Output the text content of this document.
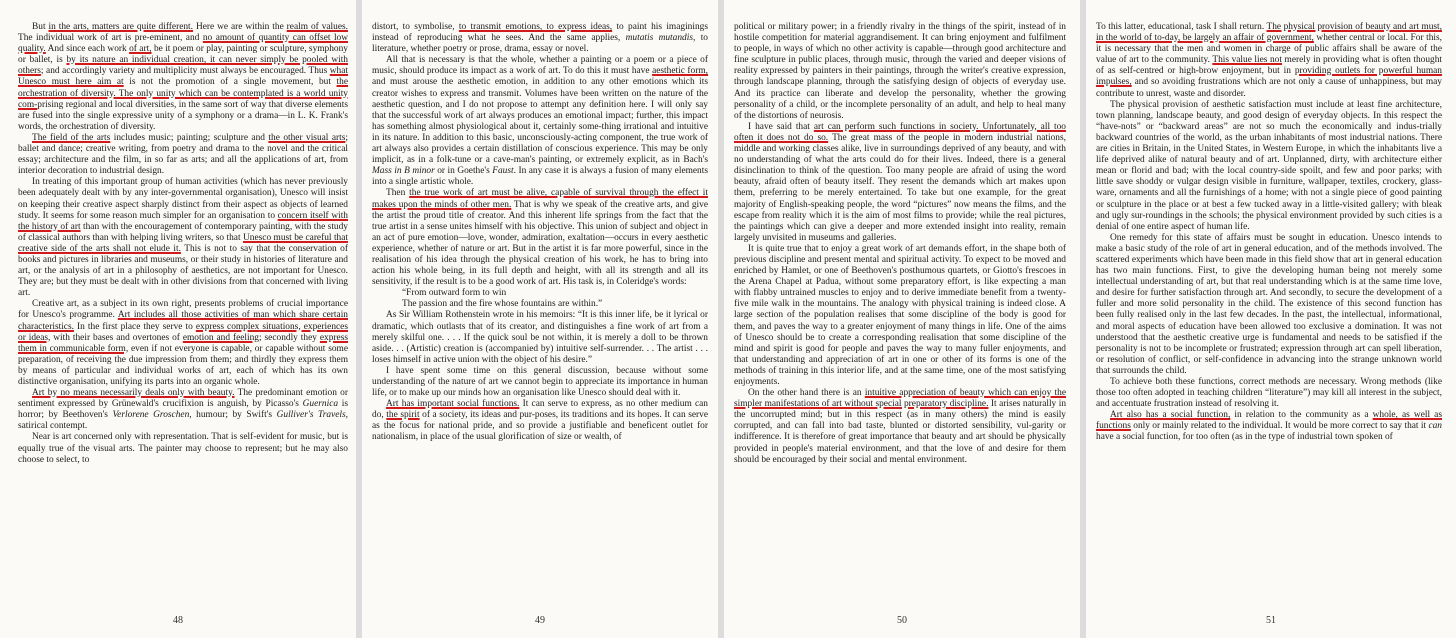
But in the arts, matters are quite different. Here we are within the realm of values. The individual work of art is pre-eminent, and no amount of quantity can offset low quality. And since each work of art, be it poem or play, painting or sculpture, symphony or ballet, is by its nature an individual creation, it can never simply be pooled with others; and accordingly variety and multiplicity must always be encouraged. Thus what Unesco must here aim at is not the promotion of a single movement, but the orchestration of diversity. The only unity which can be contemplated is a world unity com-prising regional and local diversities, in the same sort of way that diverse elements are fused into the single expressive unity of a symphony or a drama—in L. K. Frank's words, the orchestration of diversity.

The field of the arts includes music; painting; sculpture and the other visual arts; ballet and dance; creative writing, from poetry and drama to the novel and the critical essay; architecture and the film, in so far as arts; and all the applications of art, from interior decoration to industrial design.

In treating of this important group of human activities (which has never previously been adequately dealt with by any inter-governmental organisation), Unesco will insist on keeping their creative aspect sharply distinct from their aspect as objects of learned study. It seems for some reason much simpler for an organisation to concern itself with the history of art than with the encouragement of contemporary painting, with the study of classical authors than with helping living writers, so that Unesco must be careful that creative side of the arts shall not elude it. This is not to say that the conservation of books and pictures in libraries and museums, or their study in histories of literature and art, or the analysis of art in a philosophy of aesthetics, are not important for Unesco. They are; but they must be dealt with in other divisions from that concerned with living art.

Creative art, as a subject in its own right, presents problems of crucial importance for Unesco's programme. Art includes all those activities of man which share certain characteristics. In the first place they serve to express complex situations, experiences or ideas, with their bases and overtones of emotion and feeling; secondly they express them in communicable form, even if not everyone is capable, or capable without some preparation, of receiving the due impression from them; and thirdly they express them by means of particular and individual works of art, each of which has its own distinctive organisation, unifying its parts into an organic whole.

Art by no means necessarily deals only with beauty. The predominant emotion or sentiment expressed by Grünewald's crucifixion is anguish, by Picasso's Guernica is horror; by Beethoven's Verlorene Groschen, humour; by Swift's Gulliver's Travels, satirical contempt.

Near is art concerned only with representation. That is self-evident for music, but is equally true of the visual arts. The painter may choose to represent; but he may also choose to select, to

48

distort, to symbolise, to transmit emotions, to express ideas, to paint his imaginings instead of reproducing what he sees. And the same applies, mutatis mutandis, to literature, whether poetry or prose, drama, essay or novel.

All that is necessary is that the whole, whether a painting or a poem or a piece of music, should produce its impact as a work of art. To do this it must have aesthetic form, and must arouse the aesthetic emotion, in addition to any other emotions which its creator wishes to express and transmit. Volumes have been written on the nature of the aesthetic question, and I do not propose to attempt any definition here. I will only say that the successful work of art always produces an emotional impact; further, this impact has something almost physiological about it, certainly some-thing irrational and intuitive in its nature. In addition to this basic, unconsciously-acting component, the true work of art always also provides a certain distillation of conscious experience. This may be only implicit, as in a folk-tune or a cave-man's painting, or extremely explicit, as in Bach's Mass in B minor or in Goethe's Faust. In any case it is always a fusion of many elements into a single artistic whole.

Then the true work of art must be alive, capable of survival through the effect it makes upon the minds of other men. That is why we speak of the creative arts, and give the artist the proud title of creator. And this inherent life springs from the fact that the true artist in a sense unites himself with his objective. This union of subject and object in an act of pure emotion—love, wonder, admiration, exaltation—occurs in every aesthetic experience, whether of nature or art. But in the artist it is far more powerful, since in the realisation of his idea through the physical creation of his work, he has to bring into action his whole being, in its full depth and height, with all its strength and all its sensitivity, if the result is to be a good work of art. His task is, in Coleridge's words:

“From outward form to win

The passion and the fire whose fountains are within.”

As Sir William Rothenstein wrote in his memoirs: “It is this inner life, be it lyrical or dramatic, which outlasts that of its creator, and distinguishes a fine work of art from a merely skilful one. . . . If the quick soul be not within, it is merely a doll to be thrown aside. . . (Artistic) creation is (accompanied by) intuitive self-surrender. . . The artist . . . loses himself in active union with the object of his desire.”

I have spent some time on this general discussion, because without some understanding of the nature of art we cannot begin to appreciate its importance in human life, or to make up our minds how an organisation like Unesco should deal with it.

Art has important social functions. It can serve to express, as no other medium can do, the spirit of a society, its ideas and pur-poses, its traditions and its hopes. It can serve as the focus for national pride, and so provide a justifiable and beneficent outlet for nationalism, in place of the usual glorification of size or wealth, of

49

political or military power; in a friendly rivalry in the things of the spirit, instead of in hostile competition for material aggrandisement. It can bring enjoyment and fulfilment to people, in ways of which no other activity is capable—through good architecture and fine sculpture in public places, through music, through the varied and deeper visions of reality expressed by painters in their paintings, through the writer's creative expression, through landscape planning, through the satisfying design of objects of everyday use. And its practice can liberate and develop the personality, whether the growing personality of a child, or the incomplete personality of an adult, and help to heal many of the distortions of neurosis.

I have said that art can perform such functions in society. Unfortunately, all too often it does not do so. The great mass of the people in modern industrial nations, middle and working classes alike, live in surroundings deprived of any beauty, and with no understanding of what the arts could do for their lives. Indeed, there is a general disinclination to think of the question. Too many people are afraid of using the word beauty, afraid often of beauty itself. They resent the demands which art makes upon them, preferring to be merely entertained. To take but one example, for the great majority of English-speaking people, the word “pictures” now means the films, and the escape from reality which it is the aim of most films to provide; while the real pictures, the paintings which can give a deeper and more extended insight into reality, remain largely unvisited in museums and galleries.

It is quite true that to enjoy a great work of art demands effort, in the shape both of previous discipline and present mental and spiritual activity. To expect to be moved and enriched by Hamlet, or one of Beethoven's posthumous quartets, or Giotto's frescoes in the Arena Chapel at Padua, without some preparatory effort, is like expecting a man with flabby untrained muscles to enjoy and to derive immediate benefit from a twenty-five mile walk in the mountains. The analogy with physical training is indeed close. A large section of the population realises that some discipline of the body is good for them, and paves the way to a greater enjoyment of many things in life. One of the aims of Unesco should be to create a corresponding realisation that some discipline of the mind and spirit is good for people and paves the way to many fuller enjoyments, and that understanding and appreciation of art in one or other of its forms is one of the methods of training in this interior life, and at the same time, one of the most satisfying enjoyments.

On the other hand there is an intuitive appreciation of beauty which can enjoy the simpler manifestations of art without special preparatory discipline. It arises naturally in the uncorrupted mind; but in this respect (as in many others) the mind is easily corrupted, and can fall into bad taste, blunted or distorted sensibility, vul-garity or indifference. It is therefore of great importance that beauty and art should be physically provided in people's material environment, and that the love of and desire for them should be encouraged by their social and mental environment.

50

To this latter, educational, task I shall return. The physical provision of beauty and art must, in the world of to-day, be largely an affair of government, whether central or local. For this, it is necessary that the men and women in charge of public affairs shall be aware of the value of art to the community. This value lies not merely in providing what is often thought of as self-centred or high-brow enjoyment, but in providing outlets for powerful human impulses, and so avoiding frustrations which are not only a cause of unhappiness, but may contribute to unrest, waste and disorder.

The physical provision of aesthetic satisfaction must include at least fine architecture, town planning, landscape beauty, and good design of everyday objects. In this respect the “have-nots” or “backward areas” are not so much the economically and indus-trially backward countries of the world, as the urban inhabitants of most industrial nations. There are cities in Britain, in the United States, in Western Europe, in which the inhabitants live a life deprived alike of natural beauty and of art. Unplanned, dirty, with architecture either mean or florid and bad; with the local country-side spoilt, and few and poor parks; with little save shoddy or vulgar design visible in furniture, wallpaper, textiles, crockery, glass-ware, ornaments and all the furnishings of a home; with not a single piece of good painting or sculpture in the place or at best a few tucked away in a little-visited gallery; with bleak and ugly sur-roundings in the schools; the physical environment provided by such cities is a denial of one entire aspect of human life.

One remedy for this state of affairs must be sought in education. Unesco intends to make a basic study of the role of art in general education, and of the methods involved. The scattered experiments which have been made in this field show that art in general education has two main functions. First, to give the developing human being not merely some intellectual understanding of art, but that real understanding which is at the same time love, and desire for further satisfaction through art. And secondly, to secure the development of a fuller and more solid personality in the child. The existence of this second function has been fully realised only in the last few decades. In the past, the intellectual, informational, and moral aspects of education have been allowed too exclusive a domination. It was not understood that the aesthetic creative urge is fundamental and needs to be satisfied if the personality is not to be incomplete or frustrated; expression through art can spell liberation, or resolution of conflict, or self-confidence in advancing into the strange unknown world that surrounds the child.

To achieve both these functions, correct methods are necessary. Wrong methods (like those too often adopted in teaching children “literature”) may kill all interest in the subject, and accentuate frustration instead of resolving it.

Art also has a social function, in relation to the community as a whole, as well as functions only or mainly related to the individual. It would be more correct to say that it can have a social function, for too often (as in the type of industrial town spoken of

51
